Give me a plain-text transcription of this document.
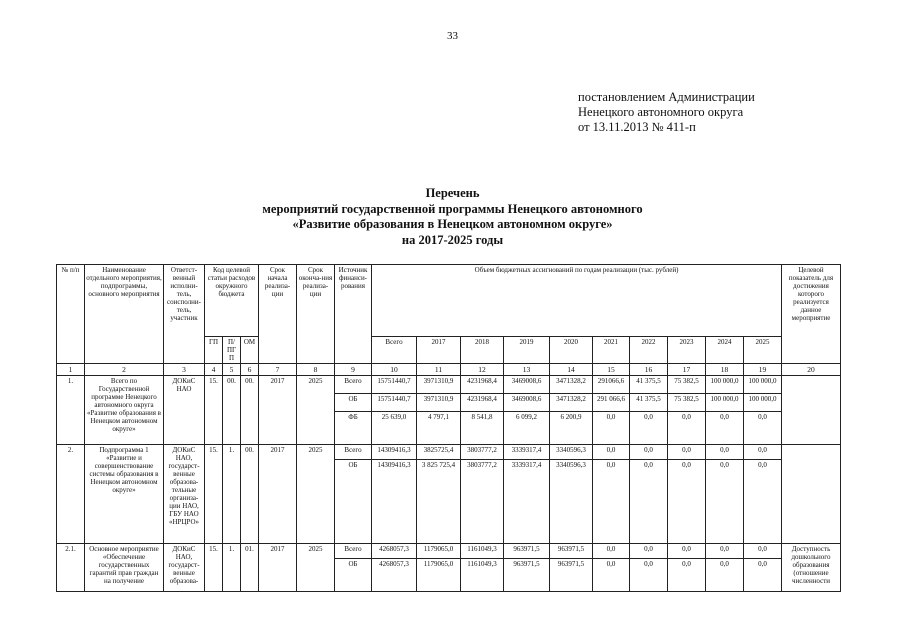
33
постановлением Администрации
Ненецкого автономного округа
от 13.11.2013 № 411-п
Перечень
мероприятий государственной программы Ненецкого автономного
«Развитие образования в Ненецком автономном округе»
на 2017-2025 годы
№ п/п	Наименование отдельного мероприятия, подпрограммы, основного мероприятия	Ответст-венный исполни-тель, соисполни-тель, участник	Код целевой статьи расходов окружного бюджета			Срок начала реализа-ции	Срок оконча-ния реализа-ции	Источник финанси-рования	Объем бюджетных ассигнований по годам реализации (тыс. рублей)										Целевой показатель для достижения которого реализуется данное мероприятие
			ГП	П/ПГ П	ОМ				Всего	2017	2018	2019	2020	2021	2022	2023	2024	2025	
1	2	3	4	5	6	7	8	9	10	11	12	13	14	15	16	17	18	19	20
1.	Всего по Государственной программе Ненецкого автономного округа «Развитие образования в Ненецком автономном округе»	ДОКиС НАО	15.	00.	00.	2017	2025	Всего	15751440,7	3971310,9	4231968,4	3469008,6	3471328,2	291066,6	41 375,5	75 382,5	100 000,0	100 000,0	
								ОБ	15751440,7	3971310,9	4231968,4	3469008,6	3471328,2	291 066,6	41 375,5	75 382,5	100 000,0	100 000,0	
								ФБ	25 639,0	4 797,1	8 541,8	6 099,2	6 200,9	0,0	0,0	0,0	0,0	0,0	
2.	Подпрограмма 1 «Развитие и совершенствование системы образования в Ненецком автономном округе»	ДОКиС НАО, государст-венные образова-тельные организа-ции НАО, ГБУ НАО «НРЦРО»	15.	1.	00.	2017	2025	Всего	14309416,3	3825725,4	3803777,2	3339317,4	3340596,3	0,0	0,0	0,0	0,0	0,0	
								ОБ	14309416,3	3 825 725,4	3803777,2	3339317,4	3340596,3	0,0	0,0	0,0	0,0	0,0	
2.1.	Основное мероприятие «Обеспечение государственных гарантий прав граждан на получение	ДОКиС НАО, государст-венные образова-	15.	1.	01.	2017	2025	Всего	4268057,3	1179065,0	1161049,3	963971,5	963971,5	0,0	0,0	0,0	0,0	0,0	Доступность дошкольного образования (отношение численности
								ОБ	4268057,3	1179065,0	1161049,3	963971,5	963971,5	0,0	0,0	0,0	0,0	0,0	
